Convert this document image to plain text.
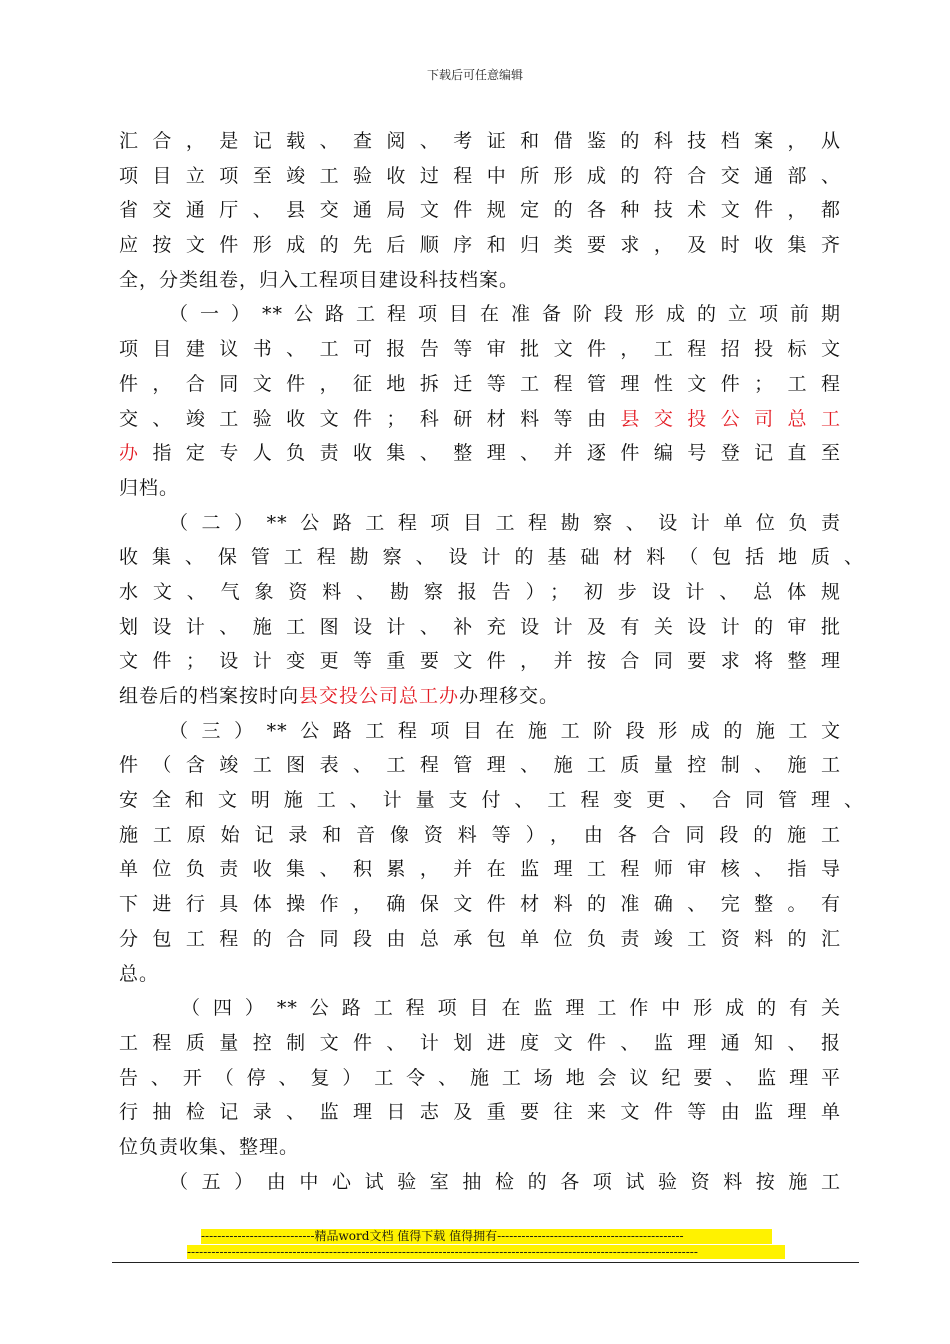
下载后可任意编辑
汇合，是记载、查阅、考证和借鉴的科技档案，从
项目立项至竣工验收过程中所形成的符合交通部、
省交通厅、县交通局文件规定的各种技术文件，都
应按文件形成的先后顺序和归类要求，及时收集齐
全，分类组卷，归入工程项目建设科技档案。
（一）**公路工程项目在准备阶段形成的立项前期
项目建议书、工可报告等审批文件，工程招投标文
件，合同文件，征地拆迁等工程管理性文件；工程
交、竣工验收文件；科研材料等由县交投公司总工
办指定专人负责收集、整理、并逐件编号登记直至
归档。
（二）**公路工程项目工程勘察、设计单位负责
收集、保管工程勘察、设计的基础材料（包括地质、
水文、气象资料、勘察报告）；初步设计、总体规
划设计、施工图设计、补充设计及有关设计的审批
文件；设计变更等重要文件，并按合同要求将整理
组卷后的档案按时向县交投公司总工办办理移交。
（三）**公路工程项目在施工阶段形成的施工文
件（含竣工图表、工程管理、施工质量控制、施工
安全和文明施工、计量支付、工程变更、合同管理、
施工原始记录和音像资料等），由各合同段的施工
单位负责收集、积累，并在监理工程师审核、指导
下进行具体操作，确保文件材料的准确、完整。有
分包工程的合同段由总承包单位负责竣工资料的汇
总。
（四）**公路工程项目在监理工作中形成的有关
工程质量控制文件、计划进度文件、监理通知、报
告、开（停、复）工令、施工场地会议纪要、监理平
行抽检记录、监理日志及重要往来文件等由监理单
位负责收集、整理。
（五）由中心试验室抽检的各项试验资料按施工
----------------------------精品word文档 值得下载 值得拥有----------------------------------------------
------------------------------------------------------------------------------------------------------------------------------
